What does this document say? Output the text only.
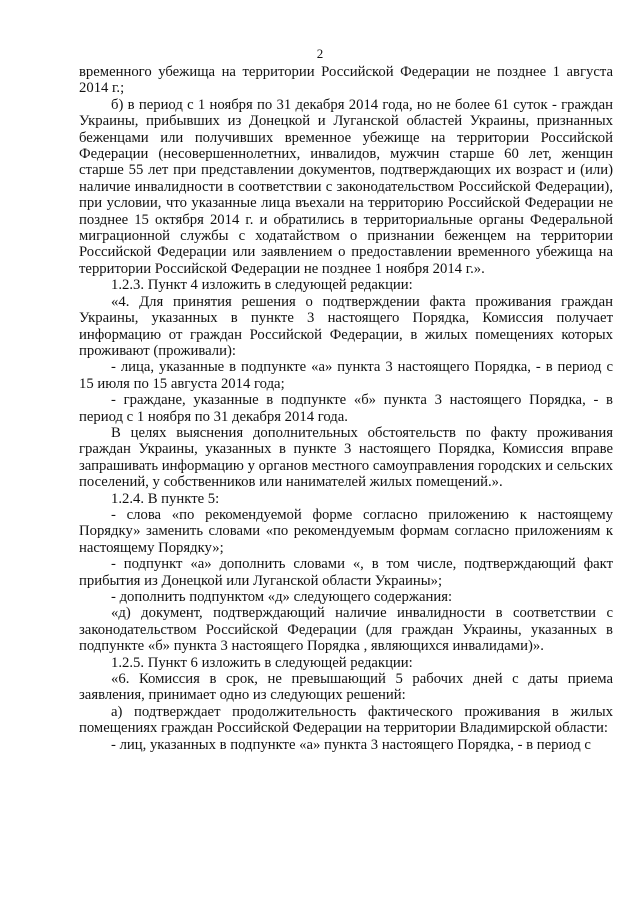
2

временного убежища на территории Российской Федерации не позднее 1 августа 2014 г.;

б) в период с 1 ноября по 31 декабря 2014 года, но не более 61 суток - граждан Украины, прибывших из Донецкой и Луганской областей Украины, признанных беженцами или получивших временное убежище на территории Российской Федерации (несовершеннолетних, инвалидов, мужчин старше 60 лет, женщин старше 55 лет при представлении документов, подтверждающих их возраст и (или) наличие инвалидности в соответствии с законодательством Российской Федерации), при условии, что указанные лица въехали на территорию Российской Федерации не позднее 15 октября 2014 г. и обратились в территориальные органы Федеральной миграционной службы с ходатайством о признании беженцем на территории Российской Федерации или заявлением о предоставлении временного убежища на территории Российской Федерации не позднее 1 ноября 2014 г.».

1.2.3. Пункт 4 изложить в следующей редакции:

«4. Для принятия решения о подтверждении факта проживания граждан Украины, указанных в пункте 3 настоящего Порядка, Комиссия получает информацию от граждан Российской Федерации, в жилых помещениях которых проживают (проживали):

- лица, указанные в подпункте «а» пункта 3 настоящего Порядка, - в период с 15 июля по 15 августа 2014 года;

- граждане, указанные в подпункте «б» пункта 3 настоящего Порядка, - в период с 1 ноября по 31 декабря 2014 года.

В целях выяснения дополнительных обстоятельств по факту проживания граждан Украины, указанных в пункте 3 настоящего Порядка, Комиссия вправе запрашивать информацию у органов местного самоуправления городских и сельских поселений, у собственников или нанимателей жилых помещений.».

1.2.4. В пункте 5:

- слова «по рекомендуемой форме согласно приложению к настоящему Порядку» заменить словами «по рекомендуемым формам согласно приложениям к настоящему Порядку»;

- подпункт «а» дополнить словами «, в том числе, подтверждающий факт прибытия из Донецкой или Луганской области Украины»;

- дополнить подпунктом «д» следующего содержания:

«д) документ, подтверждающий наличие инвалидности в соответствии с законодательством Российской Федерации (для граждан Украины, указанных в подпункте «б» пункта 3 настоящего Порядка , являющихся инвалидами)».

1.2.5. Пункт 6 изложить в следующей редакции:

«6. Комиссия в срок, не превышающий 5 рабочих дней с даты приема заявления, принимает одно из следующих решений:

а) подтверждает продолжительность фактического проживания в жилых помещениях граждан Российской Федерации на территории Владимирской области:

- лиц, указанных в подпункте «а» пункта 3 настоящего Порядка, - в период с
